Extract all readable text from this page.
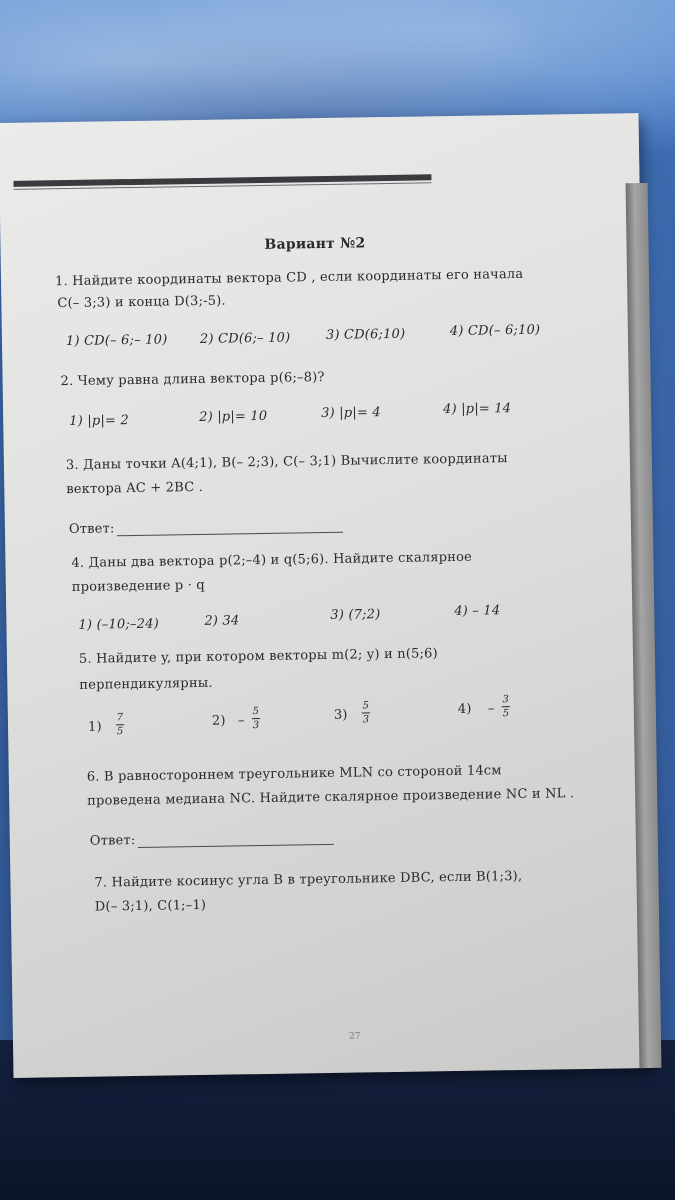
Вариант №2
1. Найдите координаты вектора CD , если координаты его начала
C(– 3;3) и конца D(3;-5).
1) CD(– 6;– 10) 2) CD(6;– 10)	3) CD(6;10)	4) CD(– 6;10)
2. Чему равна длина вектора p(6;–8)?
1) |p|= 2	2) |p|= 10	3) |p|= 4	4) |p|= 14
3. Даны точки A(4;1), B(– 2;3), C(– 3;1) Вычислите координаты
вектора AC + 2BC .
Ответ:
4. Даны два вектора p(2;–4) и q(5;6). Найдите скалярное
произведение p · q
1) (–10;–24)	2) 34	3) (7;2)	4) – 14
5. Найдите y, при котором векторы m(2; y) и n(5;6)
перпендикулярны.
1)
7
5
2) –
5
3
3)
5
3
4) –
3
5
6. В равностороннем треугольнике MLN со стороной 14см
проведена медиана NC. Найдите скалярное произведение NC и NL .
Ответ:
7. Найдите косинус угла B в треугольнике DBC, если B(1;3),
D(– 3;1), C(1;–1)
27
